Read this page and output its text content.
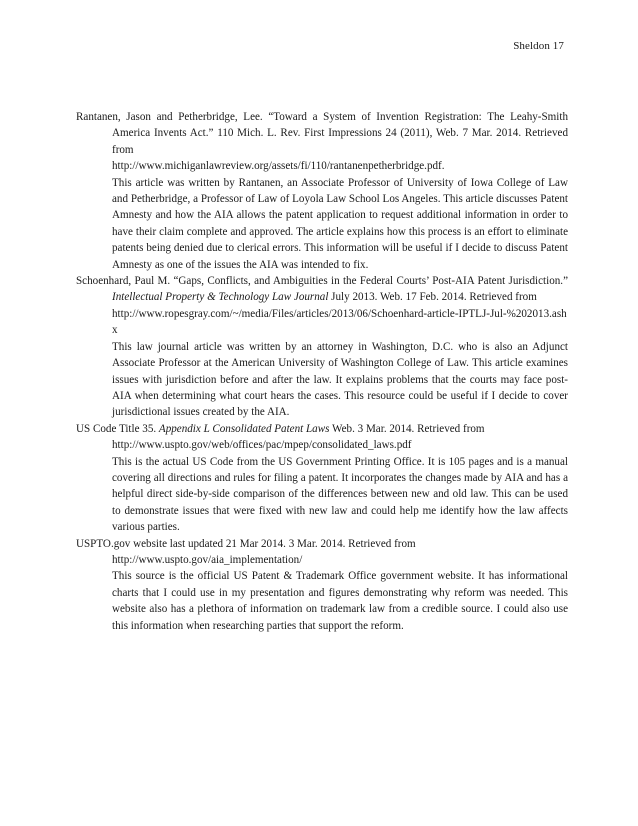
Sheldon 17
Rantanen, Jason and Petherbridge, Lee. “Toward a System of Invention Registration: The Leahy-Smith America Invents Act.” 110 Mich. L. Rev. First Impressions 24 (2011), Web. 7 Mar. 2014. Retrieved from
http://www.michiganlawreview.org/assets/fi/110/rantanenpetherbridge.pdf.
This article was written by Rantanen, an Associate Professor of University of Iowa College of Law and Petherbridge, a Professor of Law of Loyola Law School Los Angeles. This article discusses Patent Amnesty and how the AIA allows the patent application to request additional information in order to have their claim complete and approved. The article explains how this process is an effort to eliminate patents being denied due to clerical errors. This information will be useful if I decide to discuss Patent Amnesty as one of the issues the AIA was intended to fix.
Schoenhard, Paul M. “Gaps, Conflicts, and Ambiguities in the Federal Courts’ Post-AIA Patent Jurisdiction.” Intellectual Property & Technology Law Journal July 2013. Web. 17 Feb. 2014. Retrieved from
http://www.ropesgray.com/~/media/Files/articles/2013/06/Schoenhard-article-IPTLJ-Jul-%202013.ashx
This law journal article was written by an attorney in Washington, D.C. who is also an Adjunct Associate Professor at the American University of Washington College of Law. This article examines issues with jurisdiction before and after the law. It explains problems that the courts may face post-AIA when determining what court hears the cases. This resource could be useful if I decide to cover jurisdictional issues created by the AIA.
US Code Title 35. Appendix L Consolidated Patent Laws Web. 3 Mar. 2014. Retrieved from
http://www.uspto.gov/web/offices/pac/mpep/consolidated_laws.pdf
This is the actual US Code from the US Government Printing Office. It is 105 pages and is a manual covering all directions and rules for filing a patent. It incorporates the changes made by AIA and has a helpful direct side-by-side comparison of the differences between new and old law. This can be used to demonstrate issues that were fixed with new law and could help me identify how the law affects various parties.
USPTO.gov website last updated 21 Mar 2014. 3 Mar. 2014. Retrieved from
http://www.uspto.gov/aia_implementation/
This source is the official US Patent & Trademark Office government website. It has informational charts that I could use in my presentation and figures demonstrating why reform was needed. This website also has a plethora of information on trademark law from a credible source. I could also use this information when researching parties that support the reform.
